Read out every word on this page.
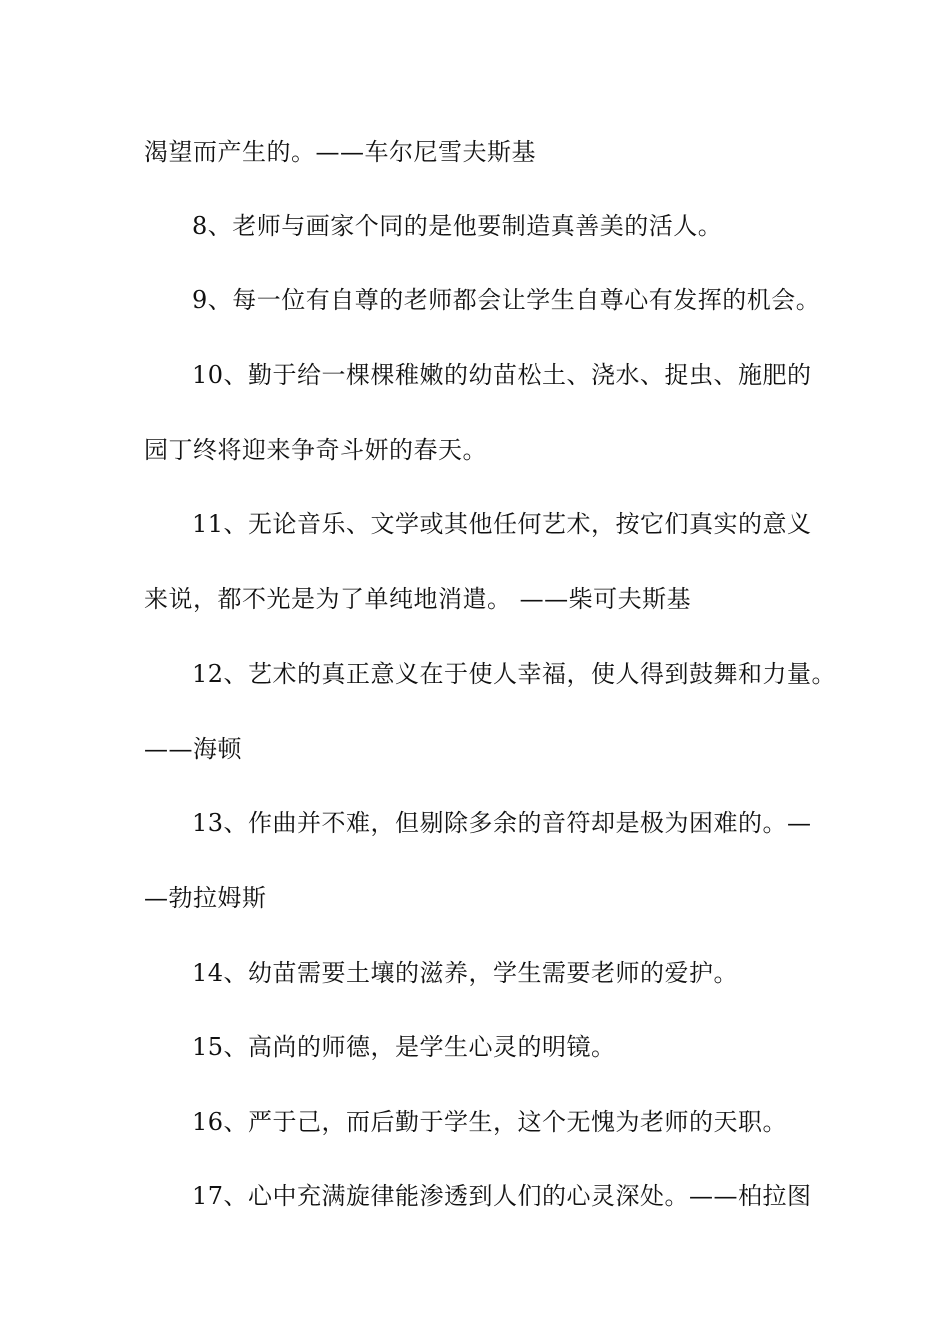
渴望而产生的。——车尔尼雪夫斯基
8、老师与画家个同的是他要制造真善美的活人。
9、每一位有自尊的老师都会让学生自尊心有发挥的机会。
10、勤于给一棵棵稚嫩的幼苗松土、浇水、捉虫、施肥的
园丁终将迎来争奇斗妍的春天。
11、无论音乐、文学或其他任何艺术，按它们真实的意义
来说，都不光是为了单纯地消遣。 ——柴可夫斯基
12、艺术的真正意义在于使人幸福，使人得到鼓舞和力量。
——海顿
13、作曲并不难，但剔除多余的音符却是极为困难的。—
—勃拉姆斯
14、幼苗需要土壤的滋养，学生需要老师的爱护。
15、高尚的师德，是学生心灵的明镜。
16、严于己，而后勤于学生，这个无愧为老师的天职。
17、心中充满旋律能渗透到人们的心灵深处。——柏拉图
